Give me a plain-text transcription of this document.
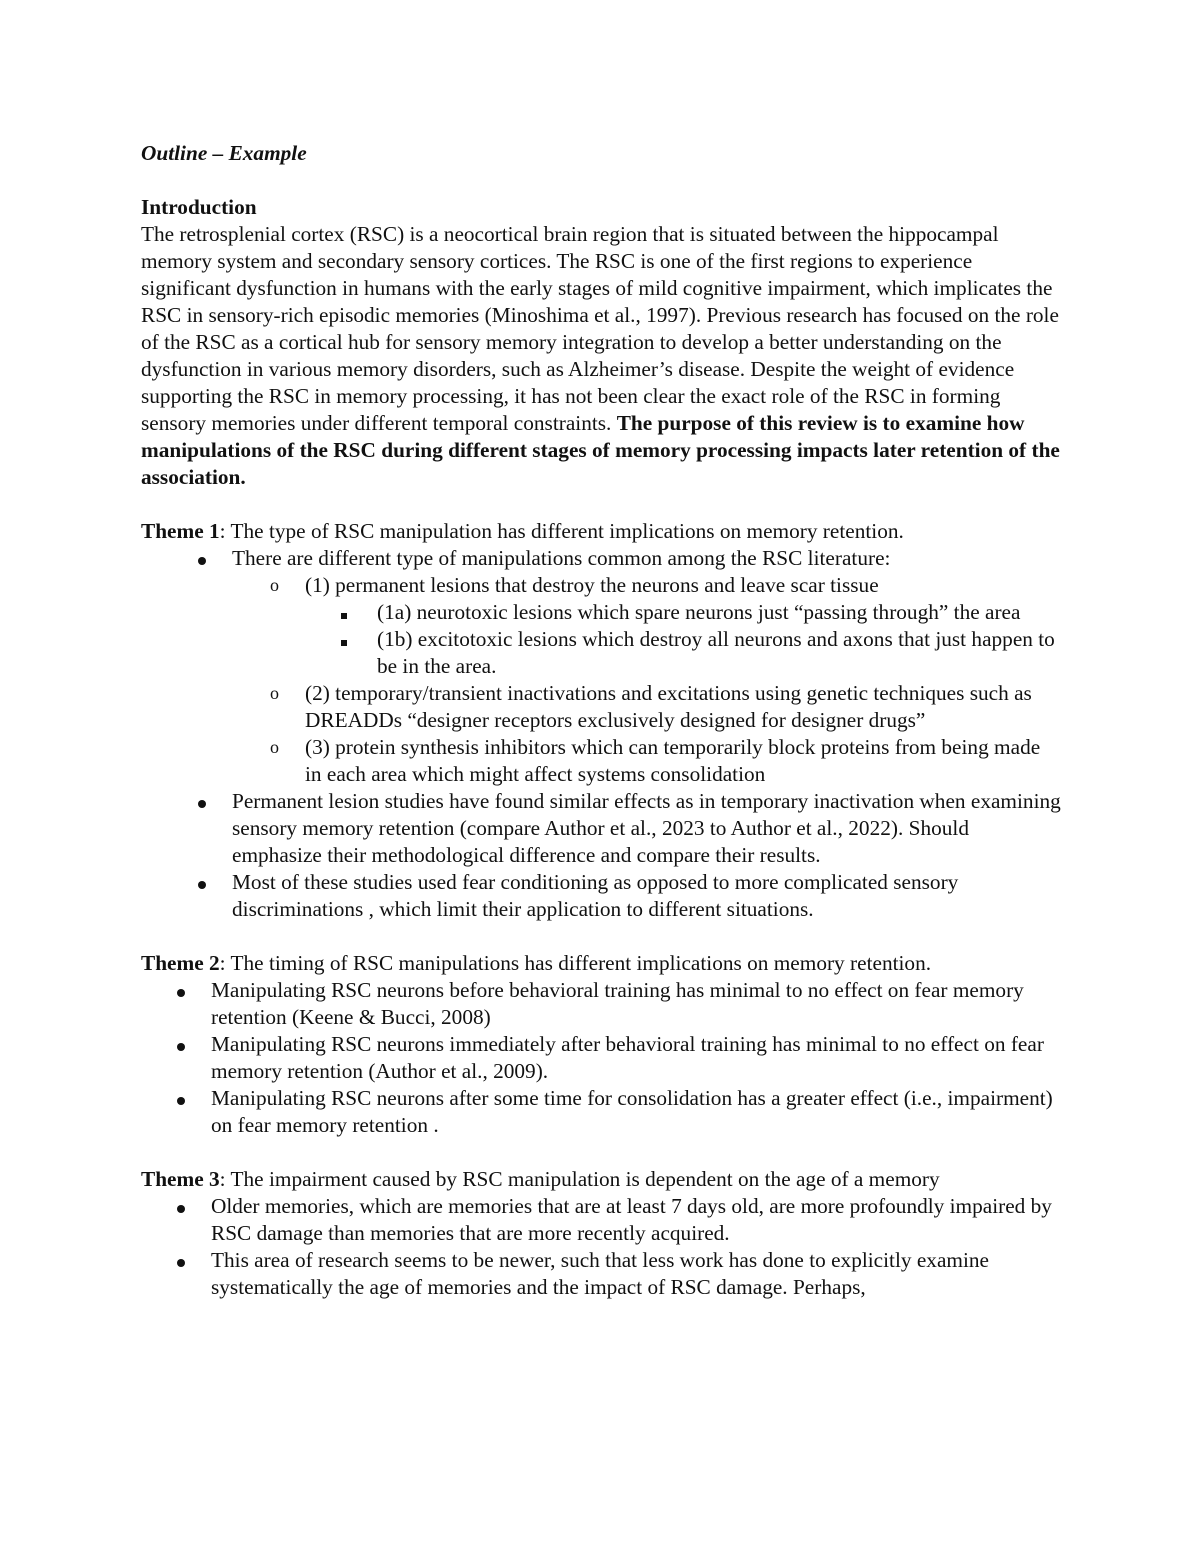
Outline – Example

Introduction

The retrosplenial cortex (RSC) is a neocortical brain region that is situated between the hippocampal memory system and secondary sensory cortices. The RSC is one of the first regions to experience significant dysfunction in humans with the early stages of mild cognitive impairment, which implicates the RSC in sensory-rich episodic memories (Minoshima et al., 1997). Previous research has focused on the role of the RSC as a cortical hub for sensory memory integration to develop a better understanding on the dysfunction in various memory disorders, such as Alzheimer’s disease. Despite the weight of evidence supporting the RSC in memory processing, it has not been clear the exact role of the RSC in forming sensory memories under different temporal constraints. The purpose of this review is to examine how manipulations of the RSC during different stages of memory processing impacts later retention of the association.

Theme 1: The type of RSC manipulation has different implications on memory retention.

There are different type of manipulations common among the RSC literature:
o (1) permanent lesions that destroy the neurons and leave scar tissue
(1a) neurotoxic lesions which spare neurons just “passing through” the area
(1b) excitotoxic lesions which destroy all neurons and axons that just happen to be in the area.
o (2) temporary/transient inactivations and excitations using genetic techniques such as DREADDs “designer receptors exclusively designed for designer drugs”
o (3) protein synthesis inhibitors which can temporarily block proteins from being made in each area which might affect systems consolidation
Permanent lesion studies have found similar effects as in temporary inactivation when examining sensory memory retention (compare Author et al., 2023 to Author et al., 2022). Should emphasize their methodological difference and compare their results.
Most of these studies used fear conditioning as opposed to more complicated sensory discriminations , which limit their application to different situations.

Theme 2: The timing of RSC manipulations has different implications on memory retention.

Manipulating RSC neurons before behavioral training has minimal to no effect on fear memory retention (Keene & Bucci, 2008)
Manipulating RSC neurons immediately after behavioral training has minimal to no effect on fear memory retention (Author et al., 2009).
Manipulating RSC neurons after some time for consolidation has a greater effect (i.e., impairment) on fear memory retention .

Theme 3: The impairment caused by RSC manipulation is dependent on the age of a memory

Older memories, which are memories that are at least 7 days old, are more profoundly impaired by RSC damage than memories that are more recently acquired.
This area of research seems to be newer, such that less work has done to explicitly examine systematically the age of memories and the impact of RSC damage. Perhaps,
